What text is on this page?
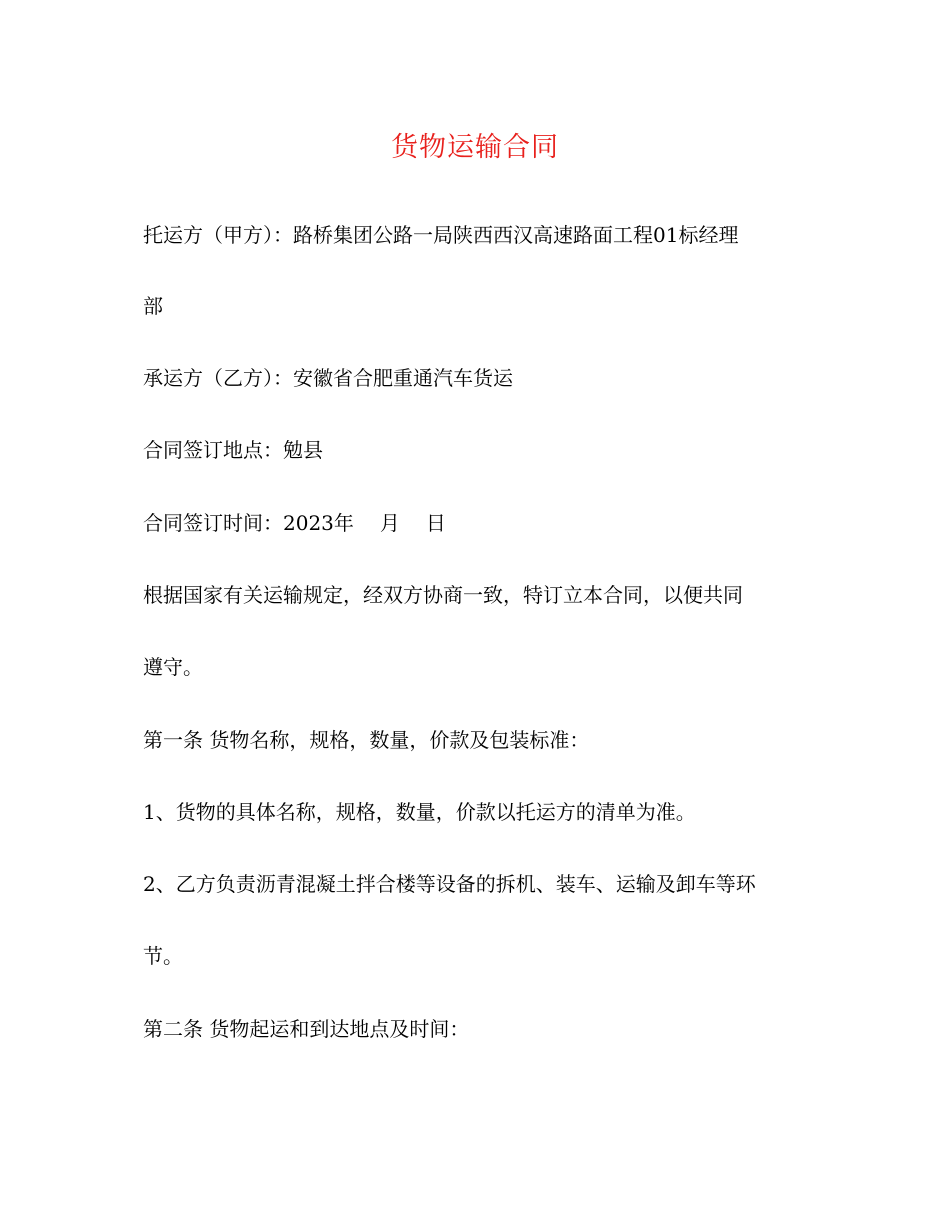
货物运输合同
托运方（甲方）：路桥集团公路一局陕西西汉高速路面工程01标经理
部
承运方（乙方）：安徽省合肥重通汽车货运
合同签订地点：勉县
合同签订时间：2023年 月 日
根据国家有关运输规定，经双方协商一致，特订立本合同，以便共同
遵守。
第一条 货物名称，规格，数量，价款及包装标准：
1、货物的具体名称，规格，数量，价款以托运方的清单为准。
2、乙方负责沥青混凝土拌合楼等设备的拆机、装车、运输及卸车等环
节。
第二条 货物起运和到达地点及时间：
